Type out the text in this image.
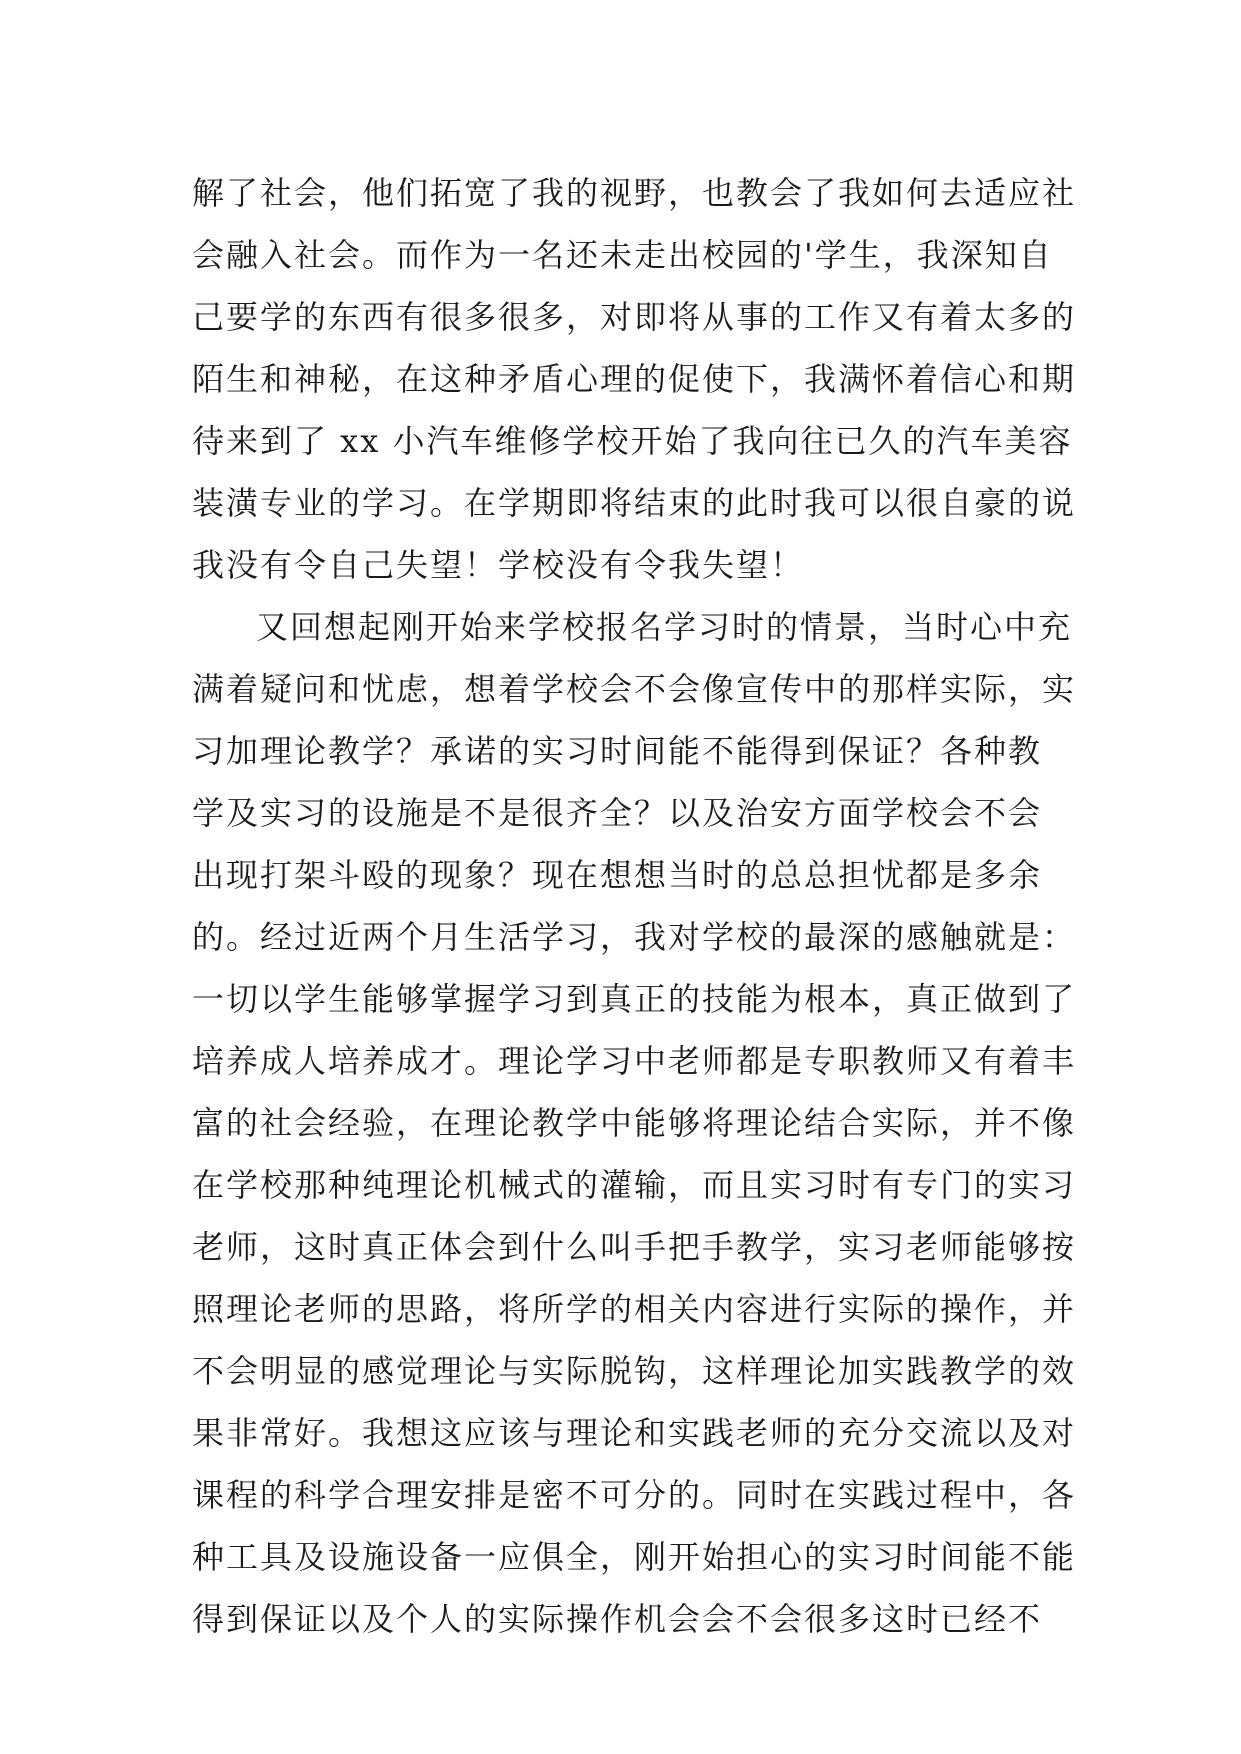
解了社会，他们拓宽了我的视野，也教会了我如何去适应社
会融入社会。而作为一名还未走出校园的'学生，我深知自
己要学的东西有很多很多，对即将从事的工作又有着太多的
陌生和神秘，在这种矛盾心理的促使下，我满怀着信心和期
待来到了 xx 小汽车维修学校开始了我向往已久的汽车美容
装潢专业的学习。在学期即将结束的此时我可以很自豪的说
我没有令自己失望！学校没有令我失望！
又回想起刚开始来学校报名学习时的情景，当时心中充
满着疑问和忧虑，想着学校会不会像宣传中的那样实际，实
习加理论教学？承诺的实习时间能不能得到保证？各种教
学及实习的设施是不是很齐全？以及治安方面学校会不会
出现打架斗殴的现象？现在想想当时的总总担忧都是多余
的。经过近两个月生活学习，我对学校的最深的感触就是：
一切以学生能够掌握学习到真正的技能为根本，真正做到了
培养成人培养成才。理论学习中老师都是专职教师又有着丰
富的社会经验，在理论教学中能够将理论结合实际，并不像
在学校那种纯理论机械式的灌输，而且实习时有专门的实习
老师，这时真正体会到什么叫手把手教学，实习老师能够按
照理论老师的思路，将所学的相关内容进行实际的操作，并
不会明显的感觉理论与实际脱钩，这样理论加实践教学的效
果非常好。我想这应该与理论和实践老师的充分交流以及对
课程的科学合理安排是密不可分的。同时在实践过程中，各
种工具及设施设备一应俱全，刚开始担心的实习时间能不能
得到保证以及个人的实际操作机会会不会很多这时已经不
